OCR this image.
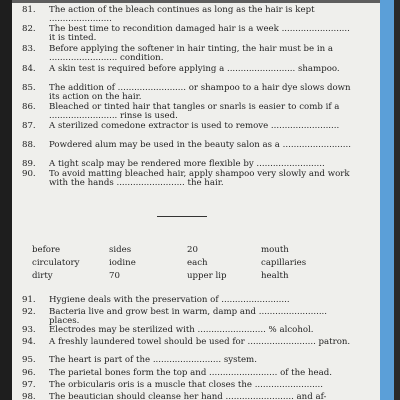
81.	The action of the bleach continues as long as the hair is kept .......................
82.	The best time to recondition damaged hair is a week ......................... it is tinted.
83.	Before applying the softener in hair tinting, the hair must be in a ......................... condition.
84.	A skin test is required before applying a ......................... shampoo.
85.	The addition of ......................... or shampoo to a hair dye slows down its action on the hair.
86.	Bleached or tinted hair that tangles or snarls is easier to comb if a ......................... rinse is used.
87.	A sterilized comedone extractor is used to remove .........................
88.	Powdered alum may be used in the beauty salon as a .........................
89.	A tight scalp may be rendered more flexible by .........................
90.	To avoid matting bleached hair, apply shampoo very slowly and work with the hands ......................... the hair.
before	sides	20	mouth
circulatory	iodine	each	capillaries
dirty	70	upper lip	health
91.	Hygiene deals with the preservation of .........................
92.	Bacteria live and grow best in warm, damp and ......................... places.
93.	Electrodes may be sterilized with ......................... % alcohol.
94.	A freshly laundered towel should be used for ......................... patron.
95.	The heart is part of the ......................... system.
96.	The parietal bones form the top and ......................... of the head.
97.	The orbicularis oris is a muscle that closes the .........................
98.	The beautician should cleanse her hand ......................... and af-
